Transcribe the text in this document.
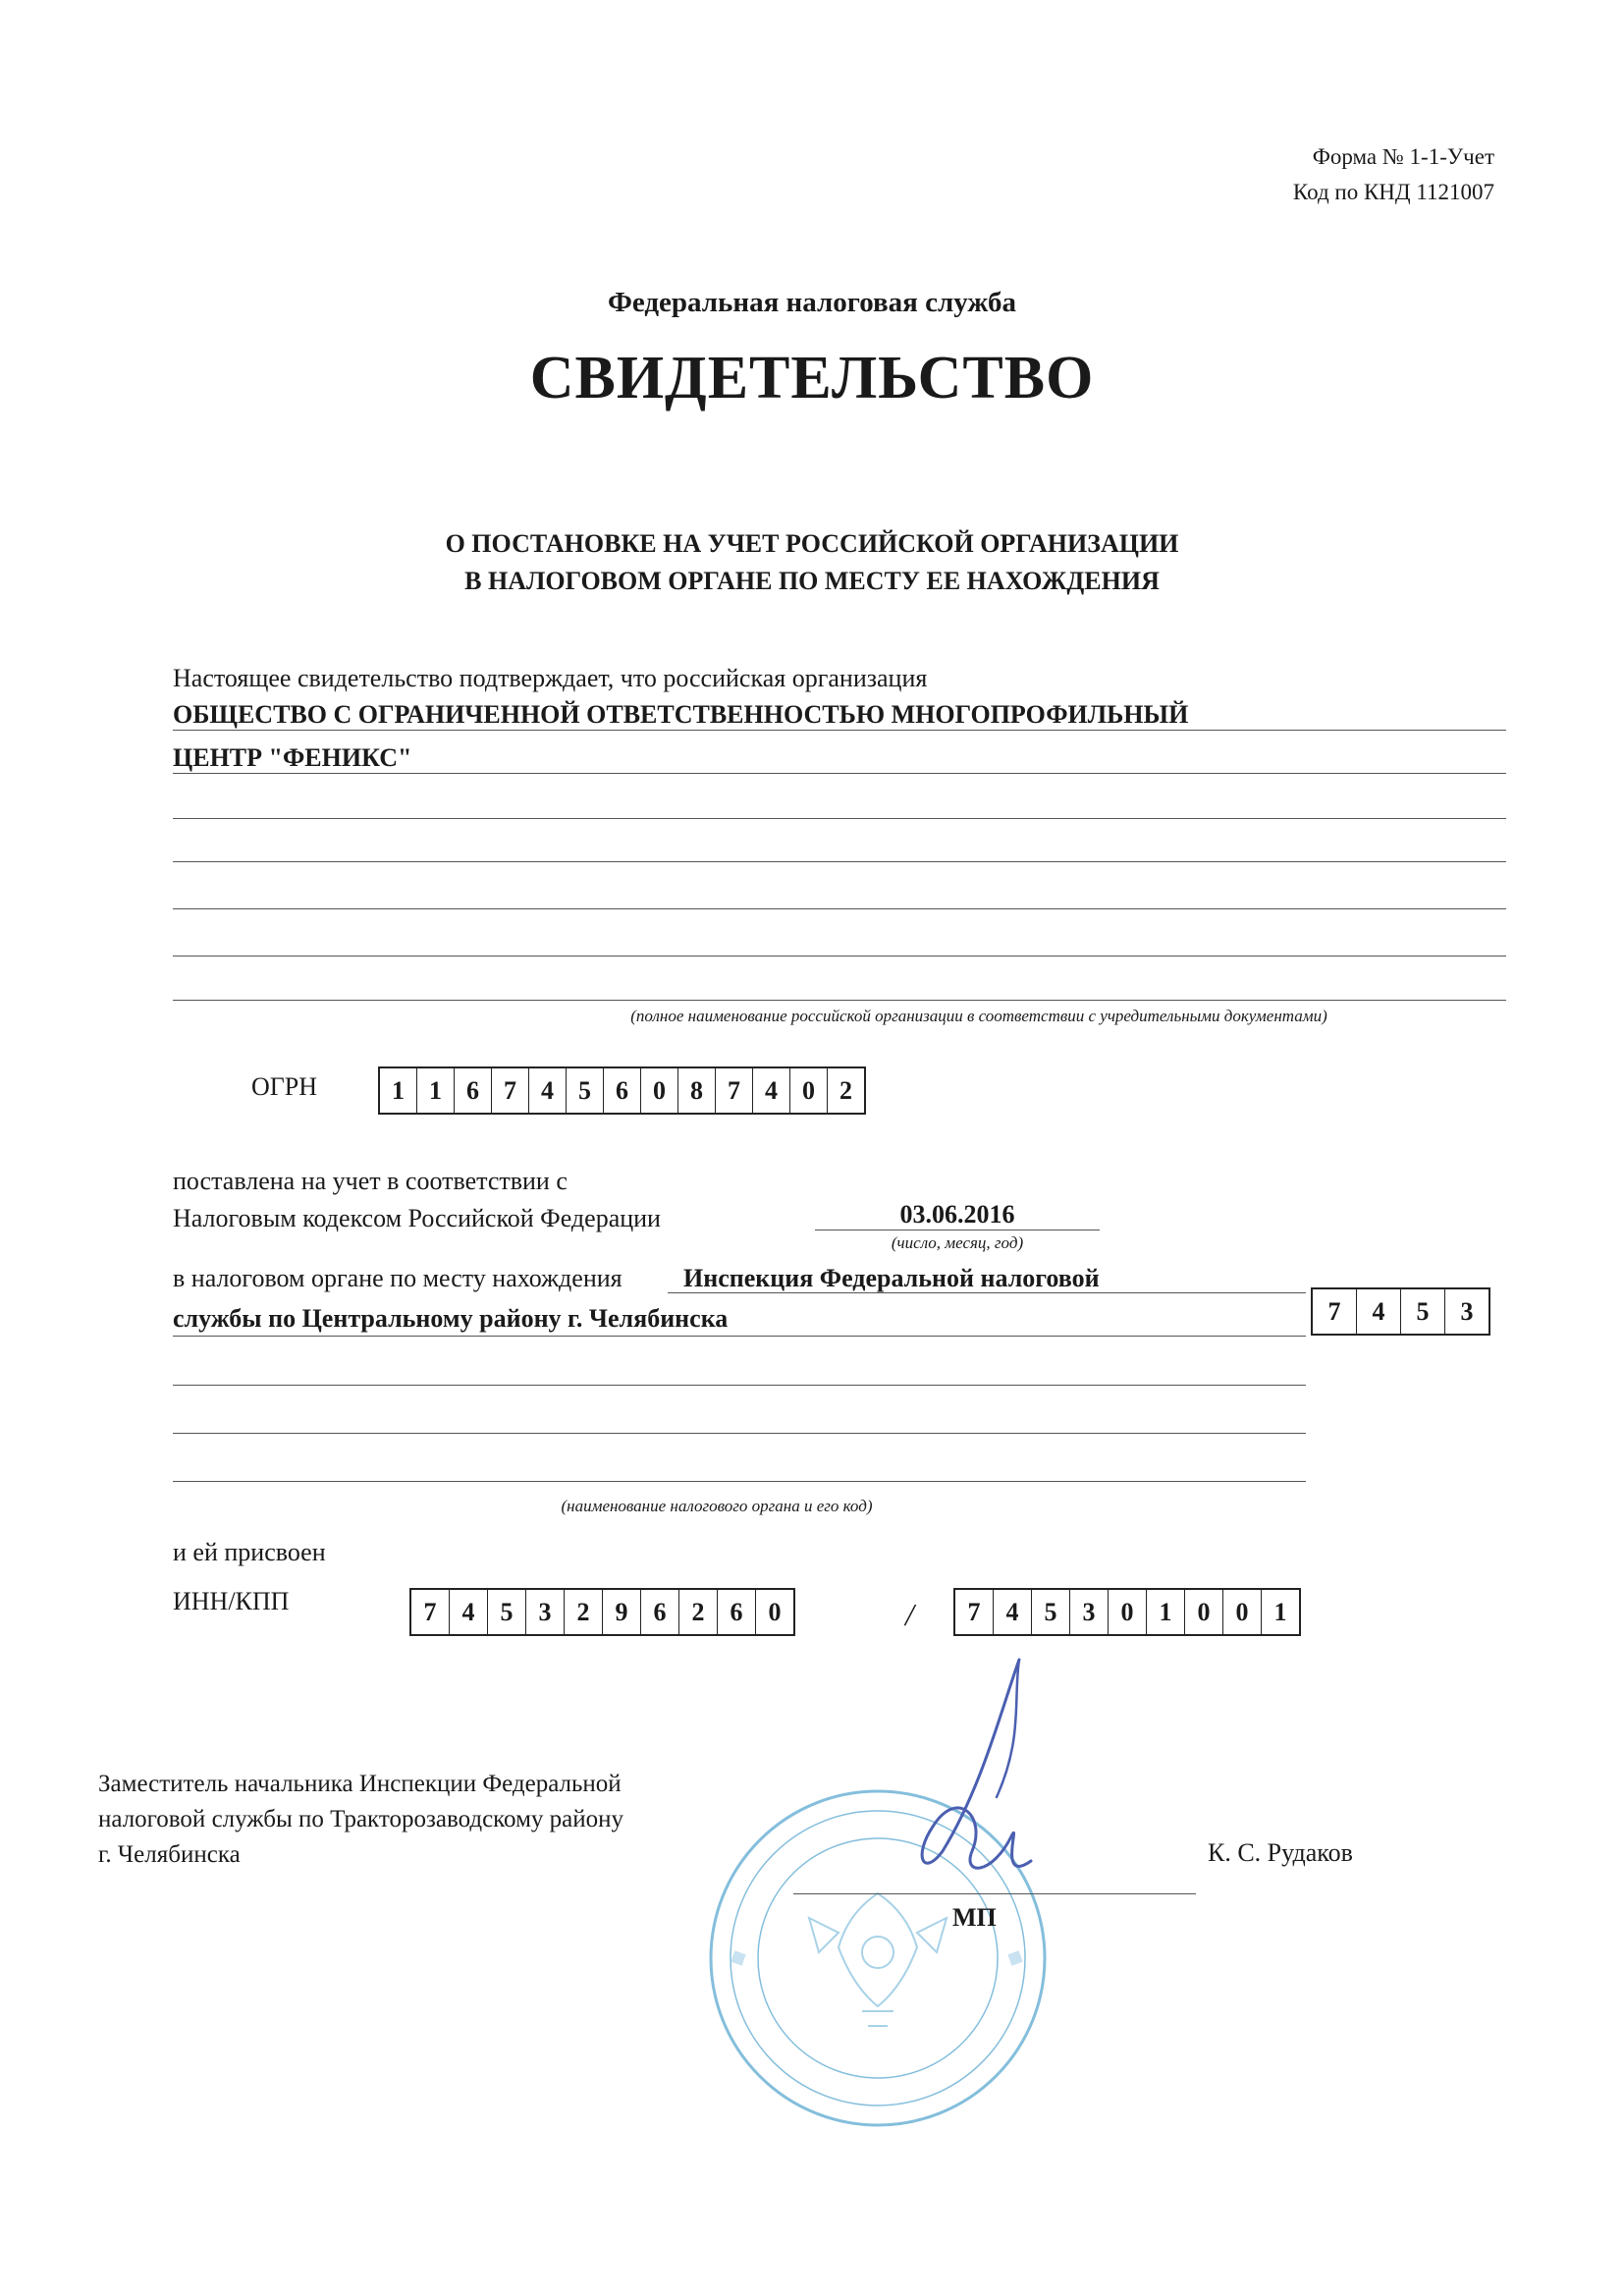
Форма № 1-1-Учет
Код по КНД 1121007
Федеральная налоговая служба
СВИДЕТЕЛЬСТВО
О ПОСТАНОВКЕ НА УЧЕТ РОССИЙСКОЙ ОРГАНИЗАЦИИ
В НАЛОГОВОМ ОРГАНЕ ПО МЕСТУ ЕЕ НАХОЖДЕНИЯ
Настоящее свидетельство подтверждает, что российская организация
ОБЩЕСТВО С ОГРАНИЧЕННОЙ ОТВЕТСТВЕННОСТЬЮ МНОГОПРОФИЛЬНЫЙ
ЦЕНТР "ФЕНИКС"
(полное наименование российской организации в соответствии с учредительными документами)
ОГРН	1 1 6 7 4 5 6 0 8 7 4 0 2
поставлена на учет в соответствии с
Налоговым кодексом Российской Федерации	03.06.2016
(число, месяц, год)
в налоговом органе по месту нахождения Инспекция Федеральной налоговой
службы по Центральному району г. Челябинска	7	4	5	3
(наименование налогового органа и его код)
и ей присвоен
ИНН/КПП	7	4	5	3	2	9	6	2	6	0	/	7	4	5	3	0	1	0	0	1
Заместитель начальника Инспекции Федеральной
налоговой службы по Тракторозаводскому району
г. Челябинска	К. С. Рудаков
МП
